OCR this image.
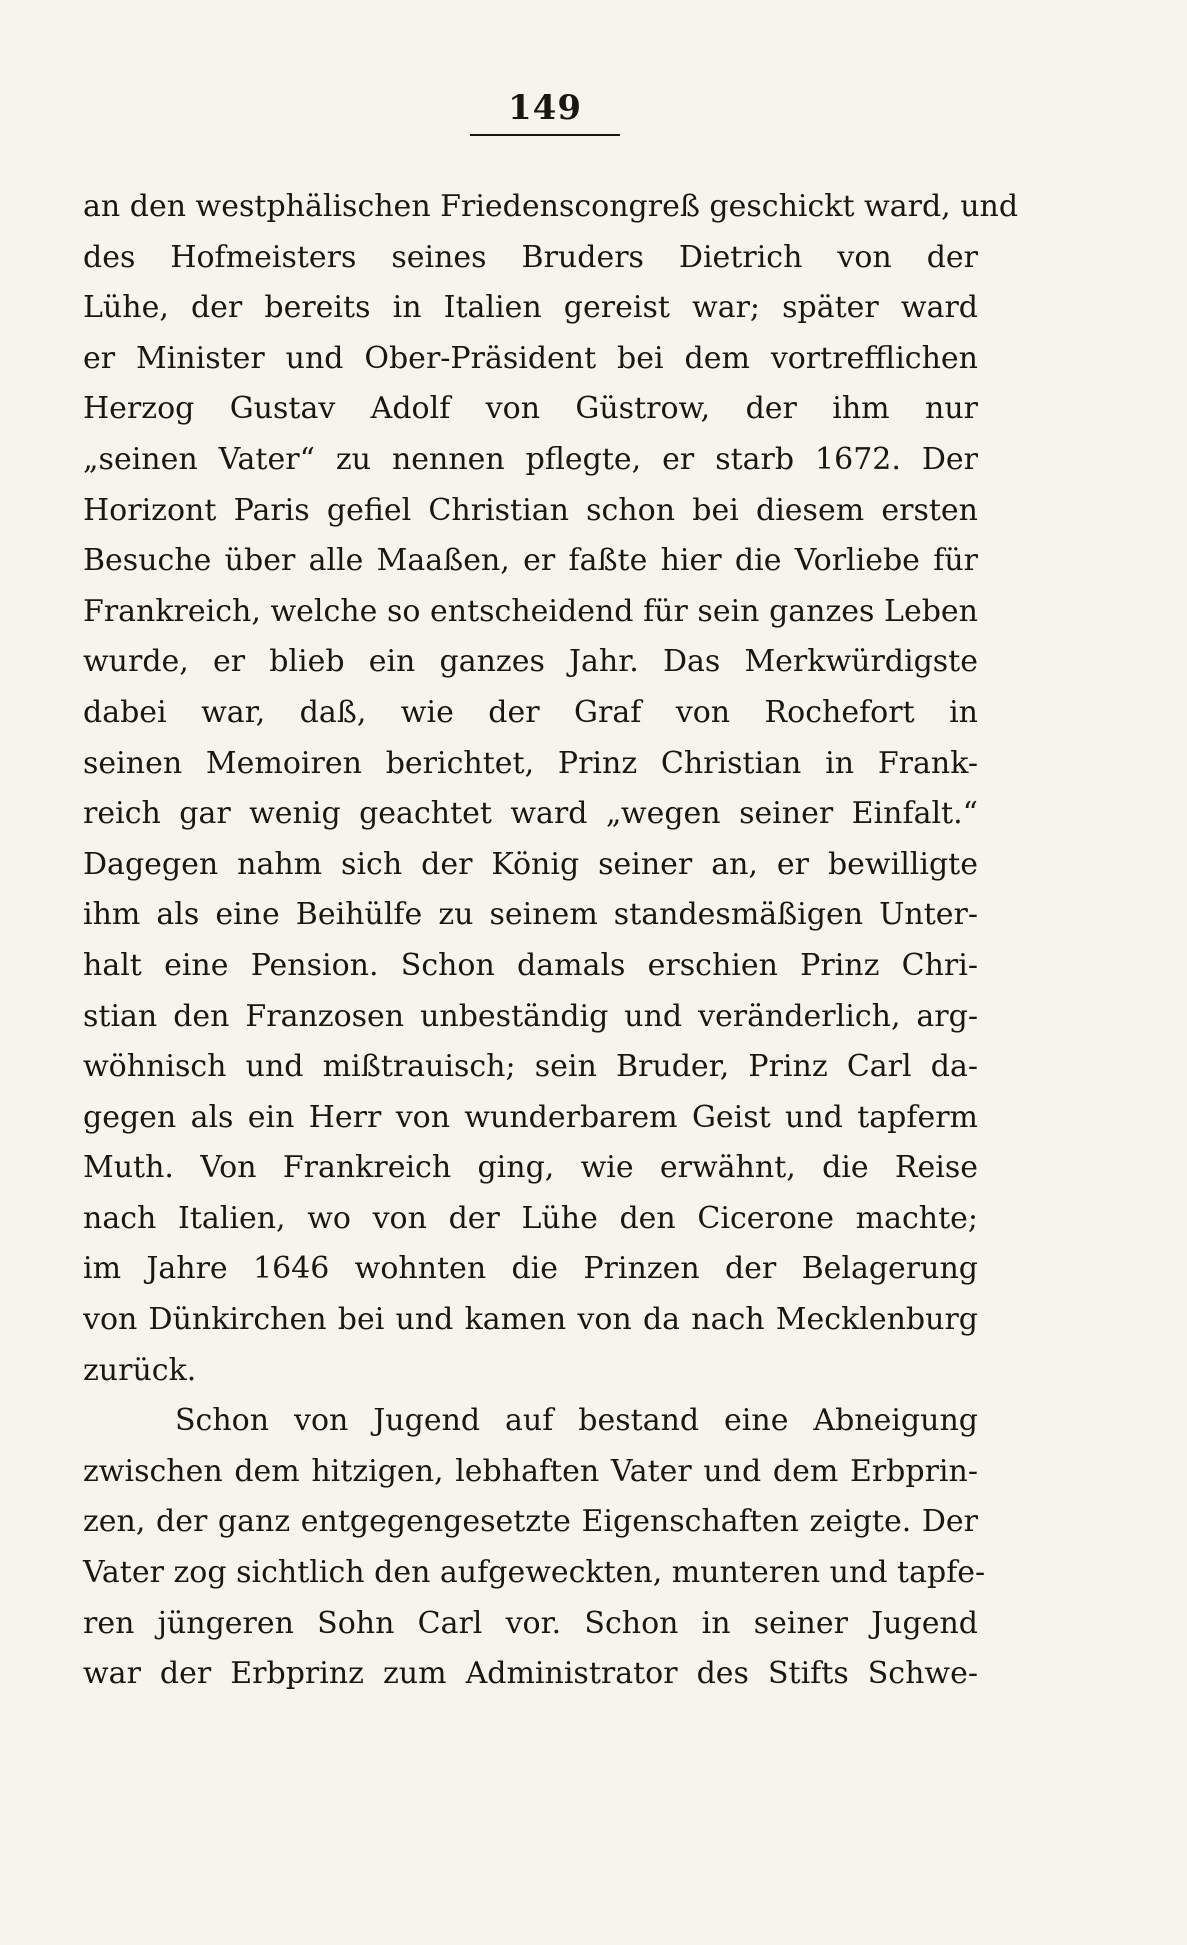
149
an den westphälischen Friedenscongreß geschickt ward, und
des Hofmeisters seines Bruders Dietrich von der
Lühe, der bereits in Italien gereist war; später ward
er Minister und Ober-Präsident bei dem vortrefflichen
Herzog Gustav Adolf von Güstrow, der ihm nur
„seinen Vater“ zu nennen pflegte, er starb 1672. Der
Horizont Paris gefiel Christian schon bei diesem ersten
Besuche über alle Maaßen, er faßte hier die Vorliebe für
Frankreich, welche so entscheidend für sein ganzes Leben
wurde, er blieb ein ganzes Jahr. Das Merkwürdigste
dabei war, daß, wie der Graf von Rochefort in
seinen Memoiren berichtet, Prinz Christian in Frank-
reich gar wenig geachtet ward „wegen seiner Einfalt.“
Dagegen nahm sich der König seiner an, er bewilligte
ihm als eine Beihülfe zu seinem standesmäßigen Unter-
halt eine Pension. Schon damals erschien Prinz Chri-
stian den Franzosen unbeständig und veränderlich, arg-
wöhnisch und mißtrauisch; sein Bruder, Prinz Carl da-
gegen als ein Herr von wunderbarem Geist und tapferm
Muth. Von Frankreich ging, wie erwähnt, die Reise
nach Italien, wo von der Lühe den Cicerone machte;
im Jahre 1646 wohnten die Prinzen der Belagerung
von Dünkirchen bei und kamen von da nach Mecklenburg
zurück.
Schon von Jugend auf bestand eine Abneigung
zwischen dem hitzigen, lebhaften Vater und dem Erbprin-
zen, der ganz entgegengesetzte Eigenschaften zeigte. Der
Vater zog sichtlich den aufgeweckten, munteren und tapfe-
ren jüngeren Sohn Carl vor. Schon in seiner Jugend
war der Erbprinz zum Administrator des Stifts Schwe-
